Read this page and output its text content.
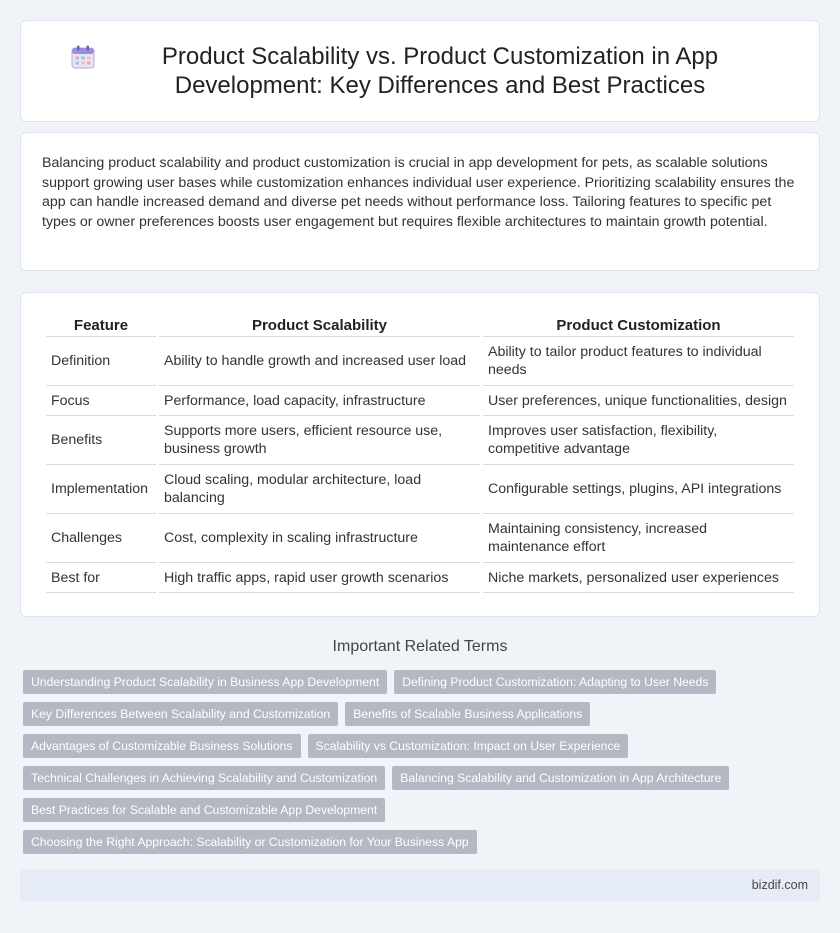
Product Scalability vs. Product Customization in App Development: Key Differences and Best Practices

Balancing product scalability and product customization is crucial in app development for pets, as scalable solutions support growing user bases while customization enhances individual user experience. Prioritizing scalability ensures the app can handle increased demand and diverse pet needs without performance loss. Tailoring features to specific pet types or owner preferences boosts user engagement but requires flexible architectures to maintain growth potential.

Feature	Product Scalability	Product Customization
Definition	Ability to handle growth and increased user load	Ability to tailor product features to individual needs
Focus	Performance, load capacity, infrastructure	User preferences, unique functionalities, design
Benefits	Supports more users, efficient resource use, business growth	Improves user satisfaction, flexibility, competitive advantage
Implementation	Cloud scaling, modular architecture, load balancing	Configurable settings, plugins, API integrations
Challenges	Cost, complexity in scaling infrastructure	Maintaining consistency, increased maintenance effort
Best for	High traffic apps, rapid user growth scenarios	Niche markets, personalized user experiences
Important Related Terms
Understanding Product Scalability in Business App Development	Defining Product Customization: Adapting to User Needs
Key Differences Between Scalability and Customization	Benefits of Scalable Business Applications
Advantages of Customizable Business Solutions	Scalability vs Customization: Impact on User Experience
Technical Challenges in Achieving Scalability and Customization	Balancing Scalability and Customization in App Architecture
Best Practices for Scalable and Customizable App Development
Choosing the Right Approach: Scalability or Customization for Your Business App
bizdif.com
